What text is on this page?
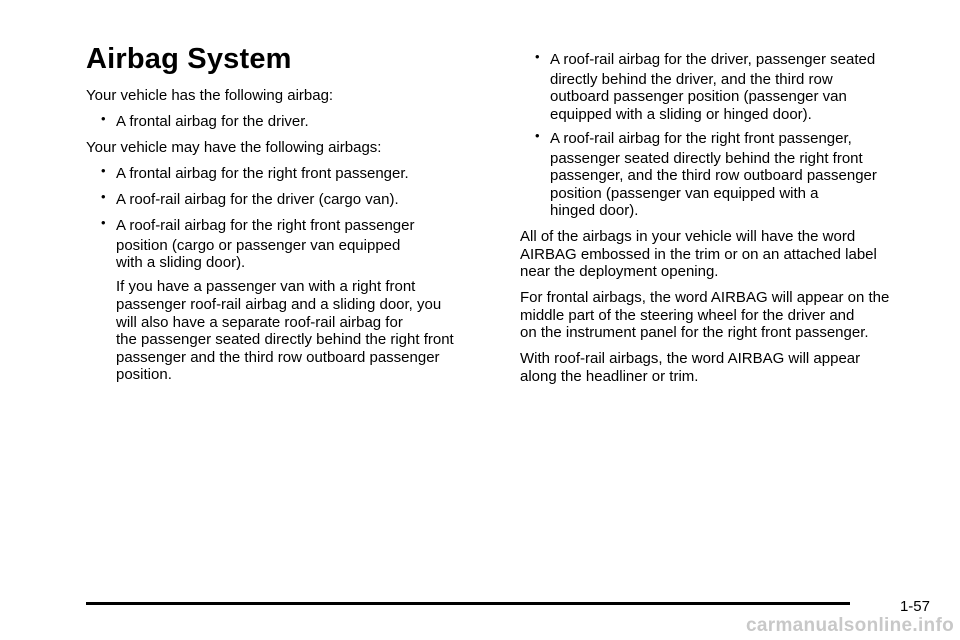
Airbag System

Your vehicle has the following airbag:

• A frontal airbag for the driver.

Your vehicle may have the following airbags:

• A frontal airbag for the right front passenger.

• A roof-rail airbag for the driver (cargo van).

• A roof-rail airbag for the right front passenger

position (cargo or passenger van equipped

with a sliding door).

If you have a passenger van with a right front

passenger roof-rail airbag and a sliding door, you

will also have a separate roof-rail airbag for

the passenger seated directly behind the right front

passenger and the third row outboard passenger

position.

• A roof-rail airbag for the driver, passenger seated

directly behind the driver, and the third row

outboard passenger position (passenger van

equipped with a sliding or hinged door).

• A roof-rail airbag for the right front passenger,

passenger seated directly behind the right front

passenger, and the third row outboard passenger

position (passenger van equipped with a

hinged door).

All of the airbags in your vehicle will have the word

AIRBAG embossed in the trim or on an attached label

near the deployment opening.

For frontal airbags, the word AIRBAG will appear on the

middle part of the steering wheel for the driver and

on the instrument panel for the right front passenger.

With roof-rail airbags, the word AIRBAG will appear

along the headliner or trim.

1-57
carmanualsonline.info
